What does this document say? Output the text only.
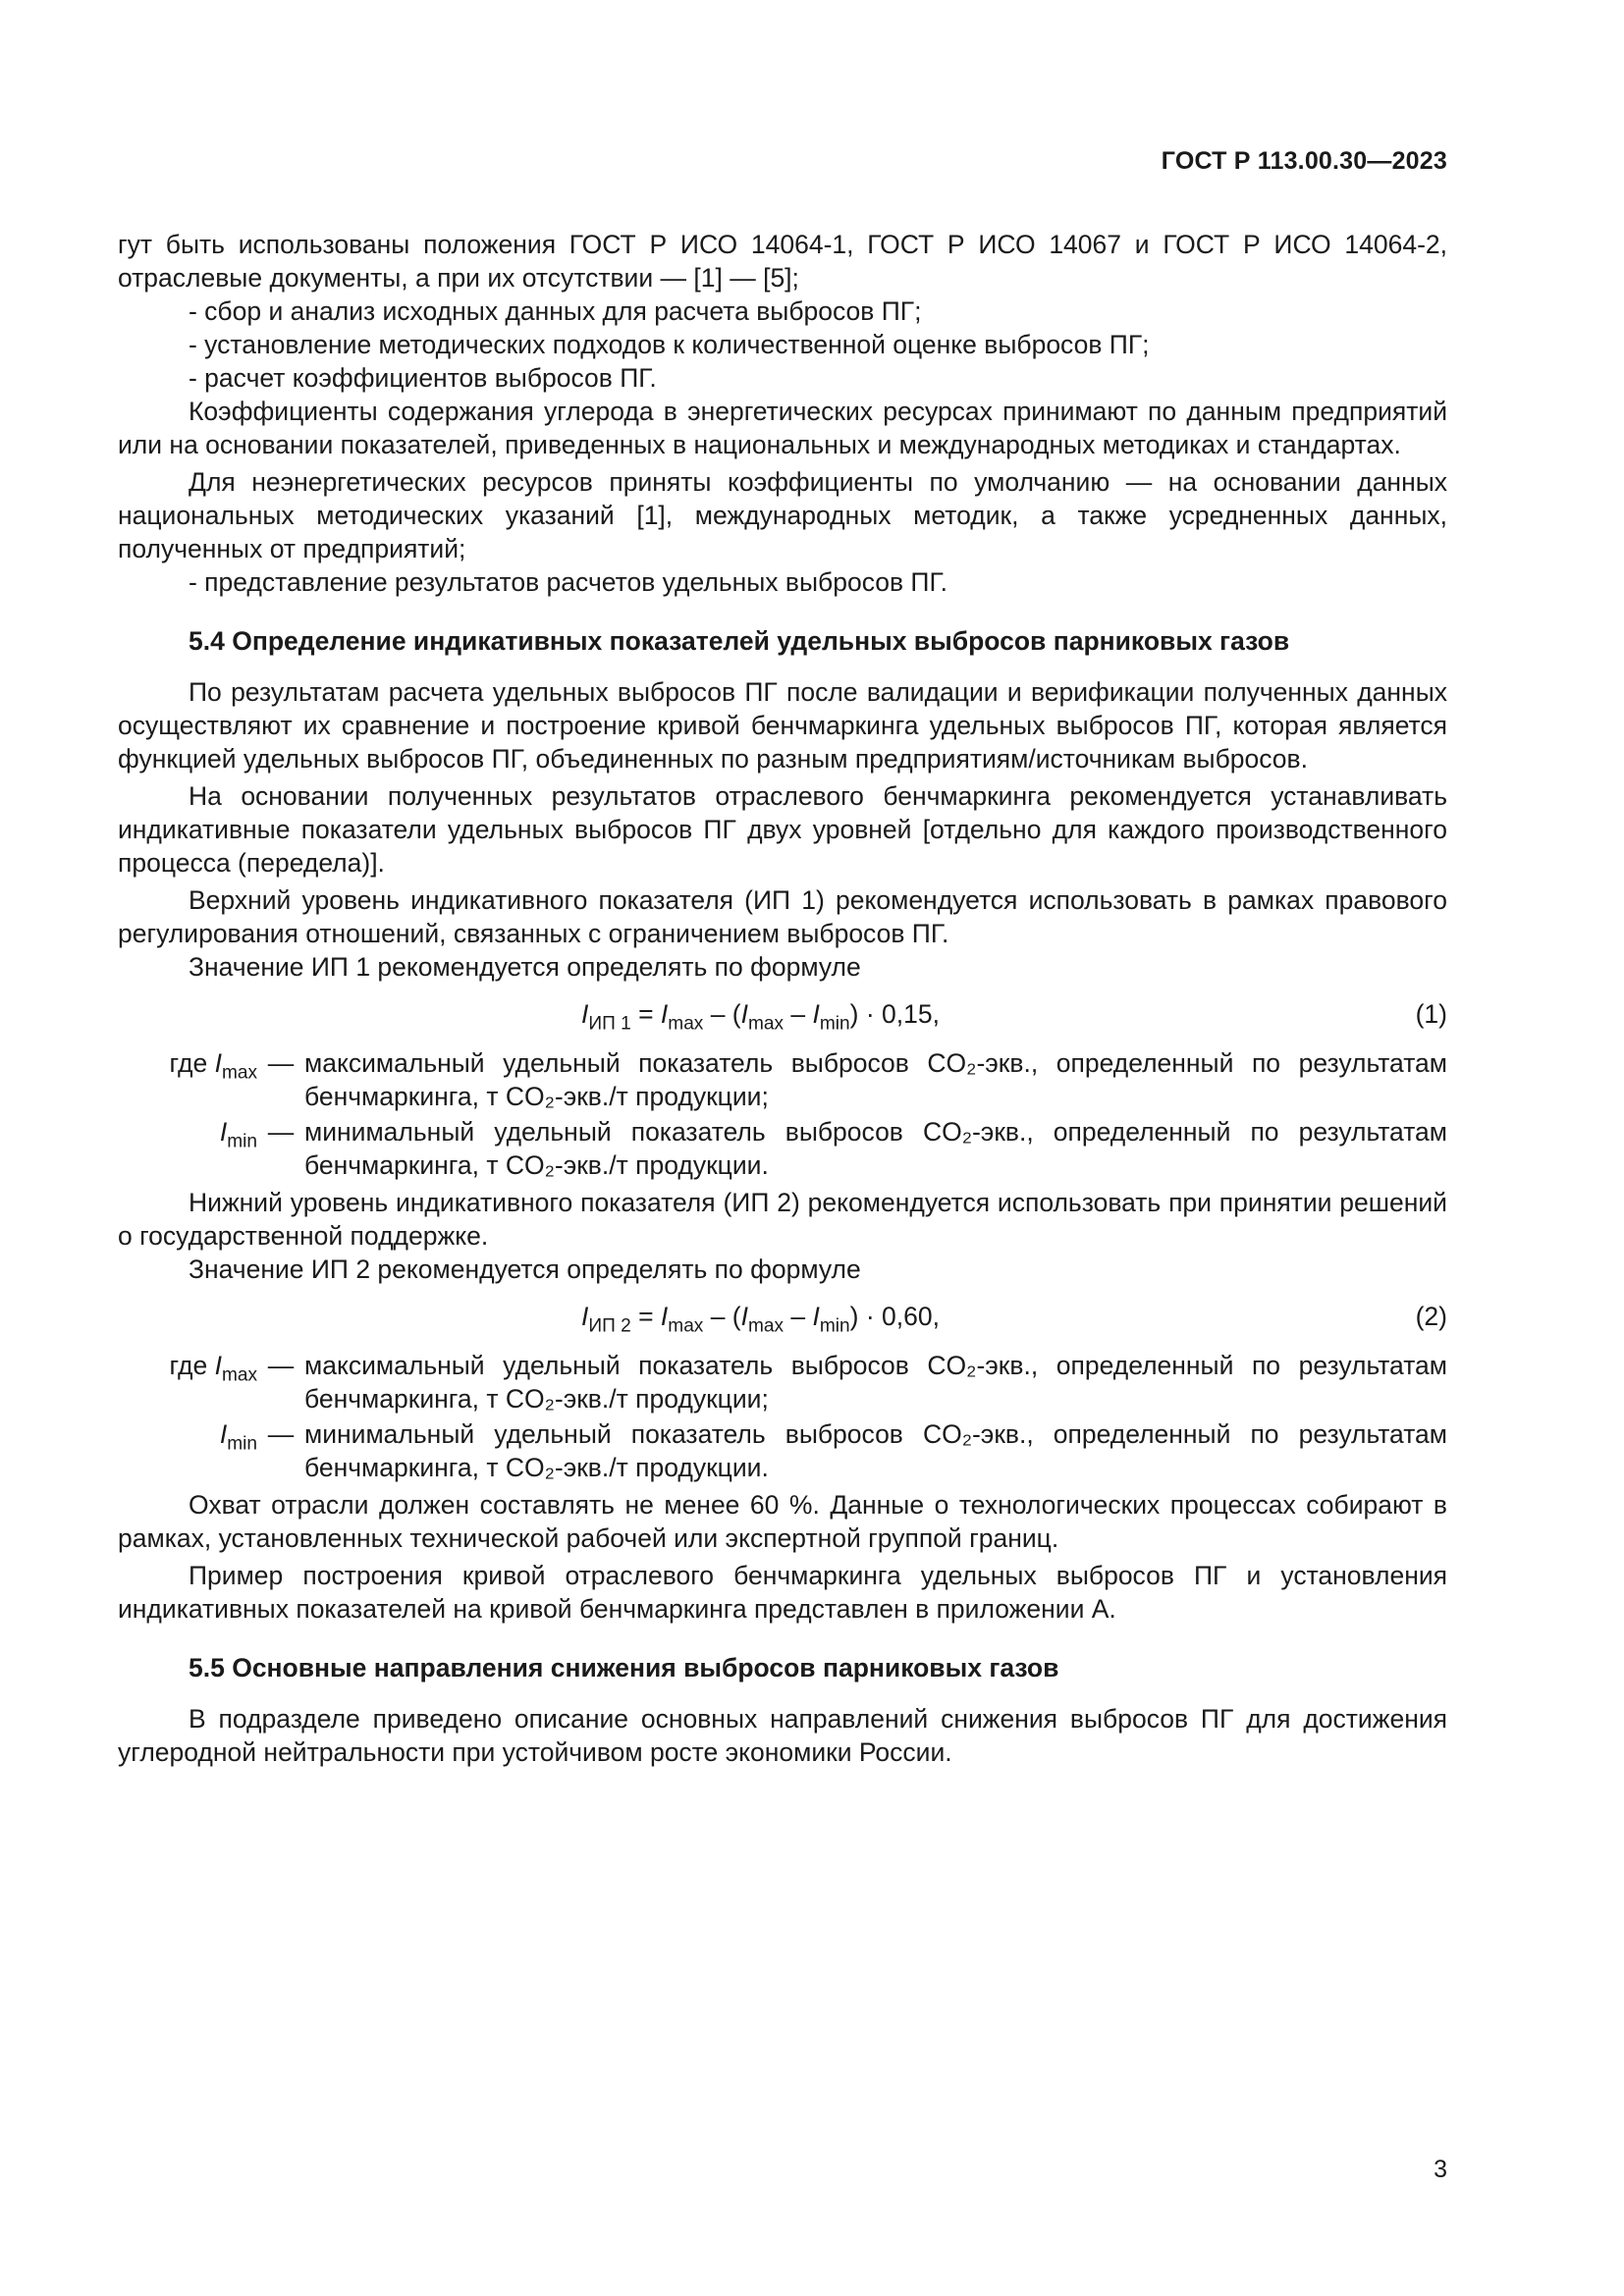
ГОСТ Р 113.00.30—2023

гут быть использованы положения ГОСТ Р ИСО 14064-1, ГОСТ Р ИСО 14067 и ГОСТ Р ИСО 14064-2, отраслевые документы, а при их отсутствии — [1] — [5];

- сбор и анализ исходных данных для расчета выбросов ПГ;

- установление методических подходов к количественной оценке выбросов ПГ;

- расчет коэффициентов выбросов ПГ.

Коэффициенты содержания углерода в энергетических ресурсах принимают по данным предприятий или на основании показателей, приведенных в национальных и международных методиках и стандартах.

Для неэнергетических ресурсов приняты коэффициенты по умолчанию — на основании данных национальных методических указаний [1], международных методик, а также усредненных данных, полученных от предприятий;

- представление результатов расчетов удельных выбросов ПГ.

5.4 Определение индикативных показателей удельных выбросов парниковых газов

По результатам расчета удельных выбросов ПГ после валидации и верификации полученных данных осуществляют их сравнение и построение кривой бенчмаркинга удельных выбросов ПГ, которая является функцией удельных выбросов ПГ, объединенных по разным предприятиям/источникам выбросов.

На основании полученных результатов отраслевого бенчмаркинга рекомендуется устанавливать индикативные показатели удельных выбросов ПГ двух уровней [отдельно для каждого производственного процесса (передела)].

Верхний уровень индикативного показателя (ИП 1) рекомендуется использовать в рамках правового регулирования отношений, связанных с ограничением выбросов ПГ.

Значение ИП 1 рекомендуется определять по формуле

$I_{ИП 1} = I_{max} - (I_{max} - I_{min}) \cdot 0,15$,	(1)
где $I_{max}$ — максимальный удельный показатель выбросов CO₂-экв., определенный по результатам бенчмаркинга, т CO₂-экв./т продукции;
$I_{min}$ — минимальный удельный показатель выбросов CO₂-экв., определенный по результатам бенчмаркинга, т CO₂-экв./т продукции.

Нижний уровень индикативного показателя (ИП 2) рекомендуется использовать при принятии решений о государственной поддержке.

Значение ИП 2 рекомендуется определять по формуле

$I_{ИП 2} = I_{max} - (I_{max} - I_{min}) \cdot 0,60$,	(2)
где $I_{max}$ — максимальный удельный показатель выбросов CO₂-экв., определенный по результатам бенчмаркинга, т CO₂-экв./т продукции;
$I_{min}$ — минимальный удельный показатель выбросов CO₂-экв., определенный по результатам бенчмаркинга, т CO₂-экв./т продукции.

Охват отрасли должен составлять не менее 60 %. Данные о технологических процессах собирают в рамках, установленных технической рабочей или экспертной группой границ.

Пример построения кривой отраслевого бенчмаркинга удельных выбросов ПГ и установления индикативных показателей на кривой бенчмаркинга представлен в приложении А.

5.5 Основные направления снижения выбросов парниковых газов

В подразделе приведено описание основных направлений снижения выбросов ПГ для достижения углеродной нейтральности при устойчивом росте экономики России.

3
